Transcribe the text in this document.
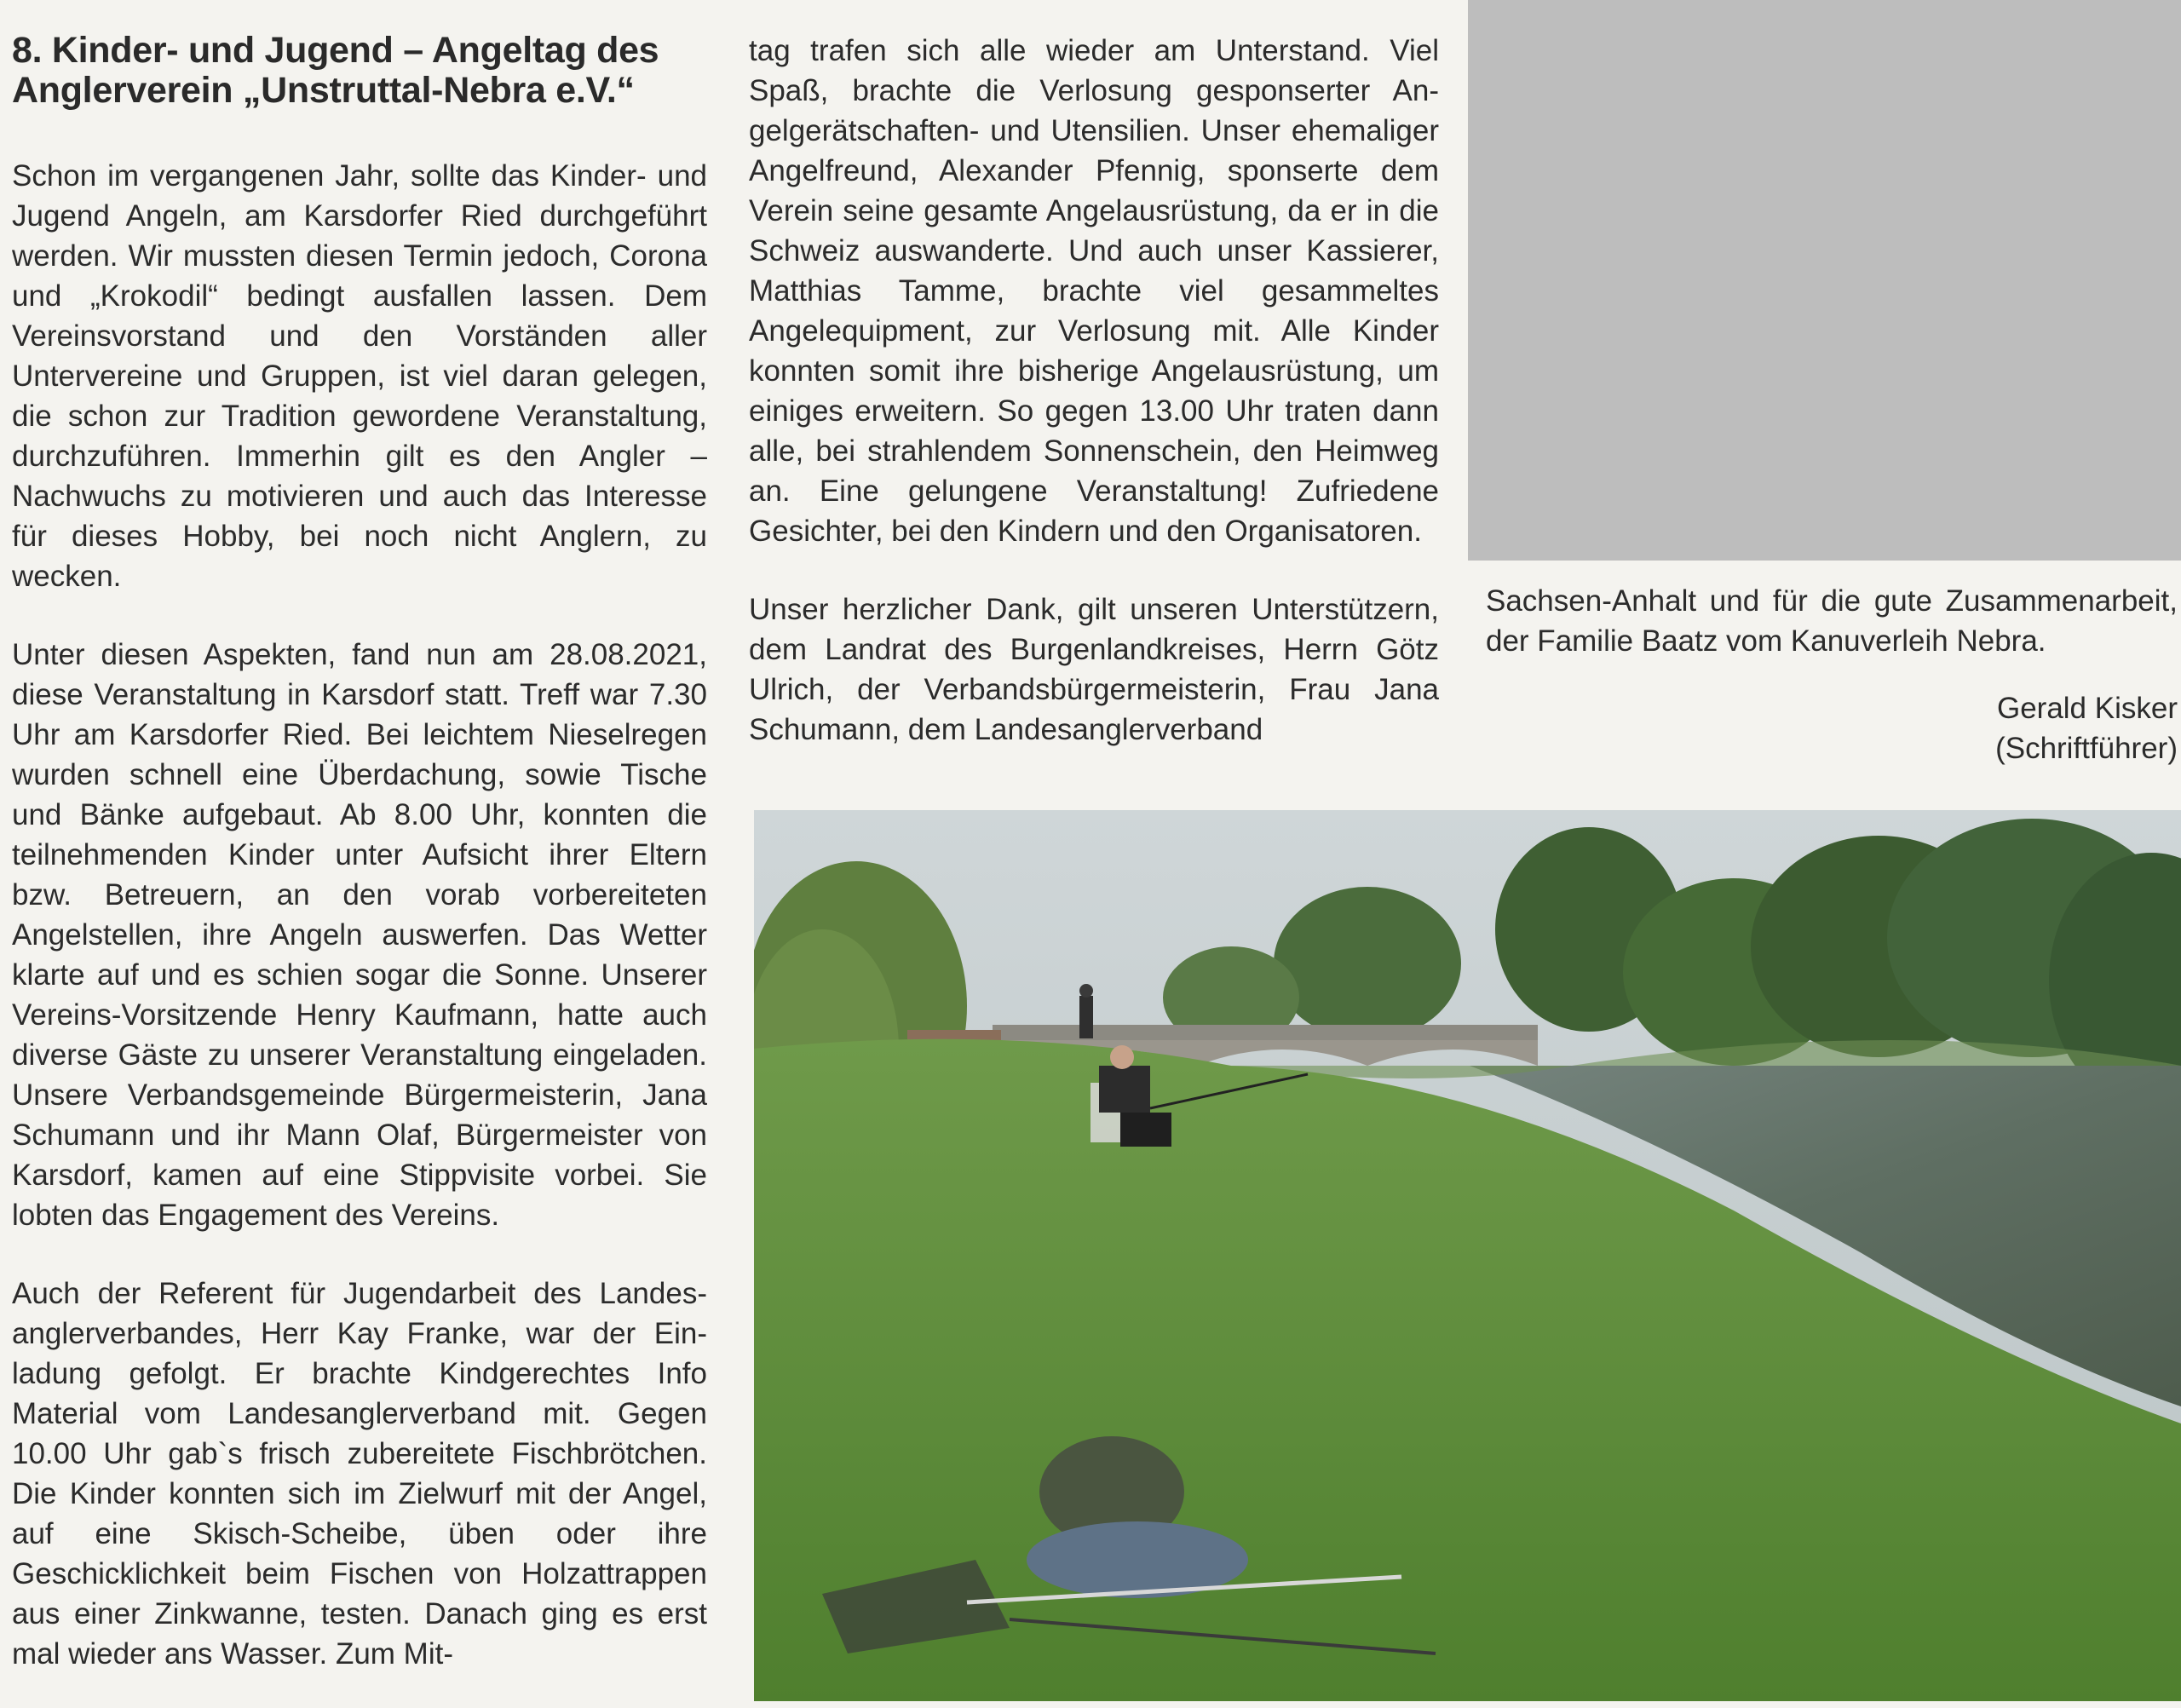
8. Kinder- und Jugend – Angeltag des Anglerverein „Unstruttal-Nebra e.V.“

Schon im vergangenen Jahr, sollte das Kinder- und Jugend Angeln, am Karsdorfer Ried durchgeführt werden. Wir mussten diesen Termin jedoch, Corona und „Krokodil“ bedingt ausfallen lassen. Dem Vereinsvorstand und den Vorständen aller Untervereine und Gruppen, ist viel daran gelegen, die schon zur Tradition gewordene Veranstaltung, durchzuführen. Immerhin gilt es den Angler – Nachwuchs zu motivieren und auch das Interesse für dieses Hobby, bei noch nicht Anglern, zu wecken.

Unter diesen Aspekten, fand nun am 28.08.2021, diese Veranstaltung in Karsdorf statt. Treff war 7.30 Uhr am Karsdorfer Ried. Bei leichtem Nieselregen wurden schnell eine Überdachung, sowie Tische und Bänke aufgebaut. Ab 8.00 Uhr, konnten die teilnehmenden Kinder unter Aufsicht ihrer Eltern bzw. Betreuern, an den vorab vorbereiteten Angelstellen, ihre Angeln auswerfen. Das Wetter klarte auf und es schien sogar die Sonne. Unserer Vereins-Vorsitzende Henry Kaufmann, hatte auch diverse Gäste zu unserer Veranstaltung eingeladen. Unsere Verbandsgemeinde Bürgermeisterin, Jana Schumann und ihr Mann Olaf, Bürgermeister von Karsdorf, kamen auf eine Stippvisite vorbei. Sie lobten das Engagement des Vereins.

Auch der Referent für Jugendarbeit des Landesanglerverbandes, Herr Kay Franke, war der Einladung gefolgt. Er brachte Kindgerechtes Info Material vom Landesanglerverband mit. Gegen 10.00 Uhr gab`s frisch zubereitete Fischbrötchen. Die Kinder konnten sich im Zielwurf mit der Angel, auf eine Skisch-Scheibe, üben oder ihre Geschicklichkeit beim Fischen von Holzattrappen aus einer Zinkwanne, testen. Danach ging es erst mal wieder ans Wasser. Zum Mit-

tag trafen sich alle wieder am Unterstand. Viel Spaß, brachte die Verlosung gesponserter Angelgerätschaften- und Utensilien. Unser ehemaliger Angelfreund, Alexander Pfennig, sponserte dem Verein seine gesamte Angelausrüstung, da er in die Schweiz auswanderte. Und auch unser Kassierer, Matthias Tamme, brachte viel gesammeltes Angelequipment, zur Verlosung mit. Alle Kinder konnten somit ihre bisherige Angelausrüstung, um einiges erweitern. So gegen 13.00 Uhr traten dann alle, bei strahlendem Sonnenschein, den Heimweg an. Eine gelungene Veranstaltung! Zufriedene Gesichter, bei den Kindern und den Organisatoren.

Unser herzlicher Dank, gilt unseren Unterstützern, dem Landrat des Burgenlandkreises, Herrn Götz Ulrich, der Verbandsbürgermeisterin, Frau Jana Schumann, dem Landesanglerverband

Sachsen-Anhalt und für die gute Zusammenarbeit, der Familie Baatz vom Kanuverleih Nebra.

Gerald Kisker
(Schriftführer)
